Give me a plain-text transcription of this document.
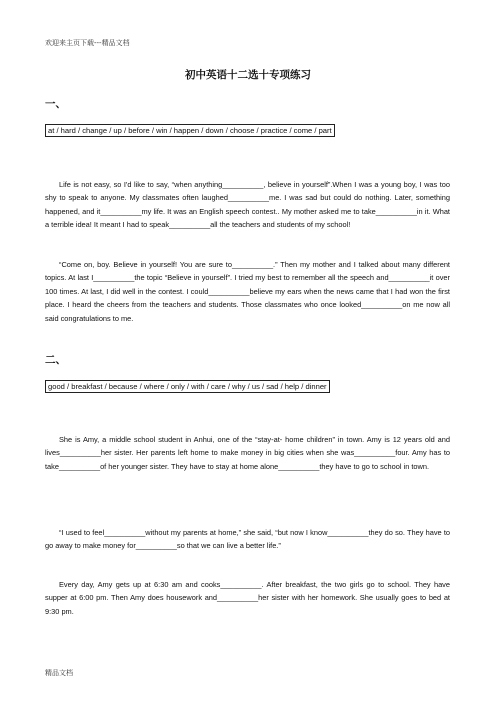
欢迎来主页下载---精品文档
初中英语十二选十专项练习
一、
at / hard / change / up / before / win / happen / down / choose / practice / come / part

Life is not easy, so I'd like to say, “when anything__________, believe in yourself”.When I was a young boy, I was too shy to speak to anyone. My classmates often laughed__________me. I was sad but could do nothing. Later, something happened, and it__________my life. It was an English speech contest.. My mother asked me to take__________in it. What a terrible idea! It meant I had to speak__________all the teachers and students of my school!

“Come on, boy. Believe in yourself! You are sure to__________.” Then my mother and I talked about many different topics. At last I__________the topic “Believe in yourself”. I tried my best to remember all the speech and__________it over 100 times. At last, I did well in the contest. I could__________believe my ears when the news came that I had won the first place. I heard the cheers from the teachers and students. Those classmates who once looked__________on me now all said congratulations to me.

二、
good / breakfast / because / where / only / with / care / why / us / sad / help / dinner

She is Amy, a middle school student in Anhui, one of the “stay-at- home children” in town. Amy is 12 years old and lives__________her sister. Her parents left home to make money in big cities when she was__________four. Amy has to take__________of her younger sister. They have to stay at home alone__________they have to go to school in town.

“I used to feel__________without my parents at home,” she said, “but now I know__________they do so. They have to go away to make money for__________so that we can live a better life.”

Every day, Amy gets up at 6:30 am and cooks__________. After breakfast, the two girls go to school. They have supper at 6:00 pm. Then Amy does housework and__________her sister with her homework. She usually goes to bed at 9:30 pm.

精品文档
